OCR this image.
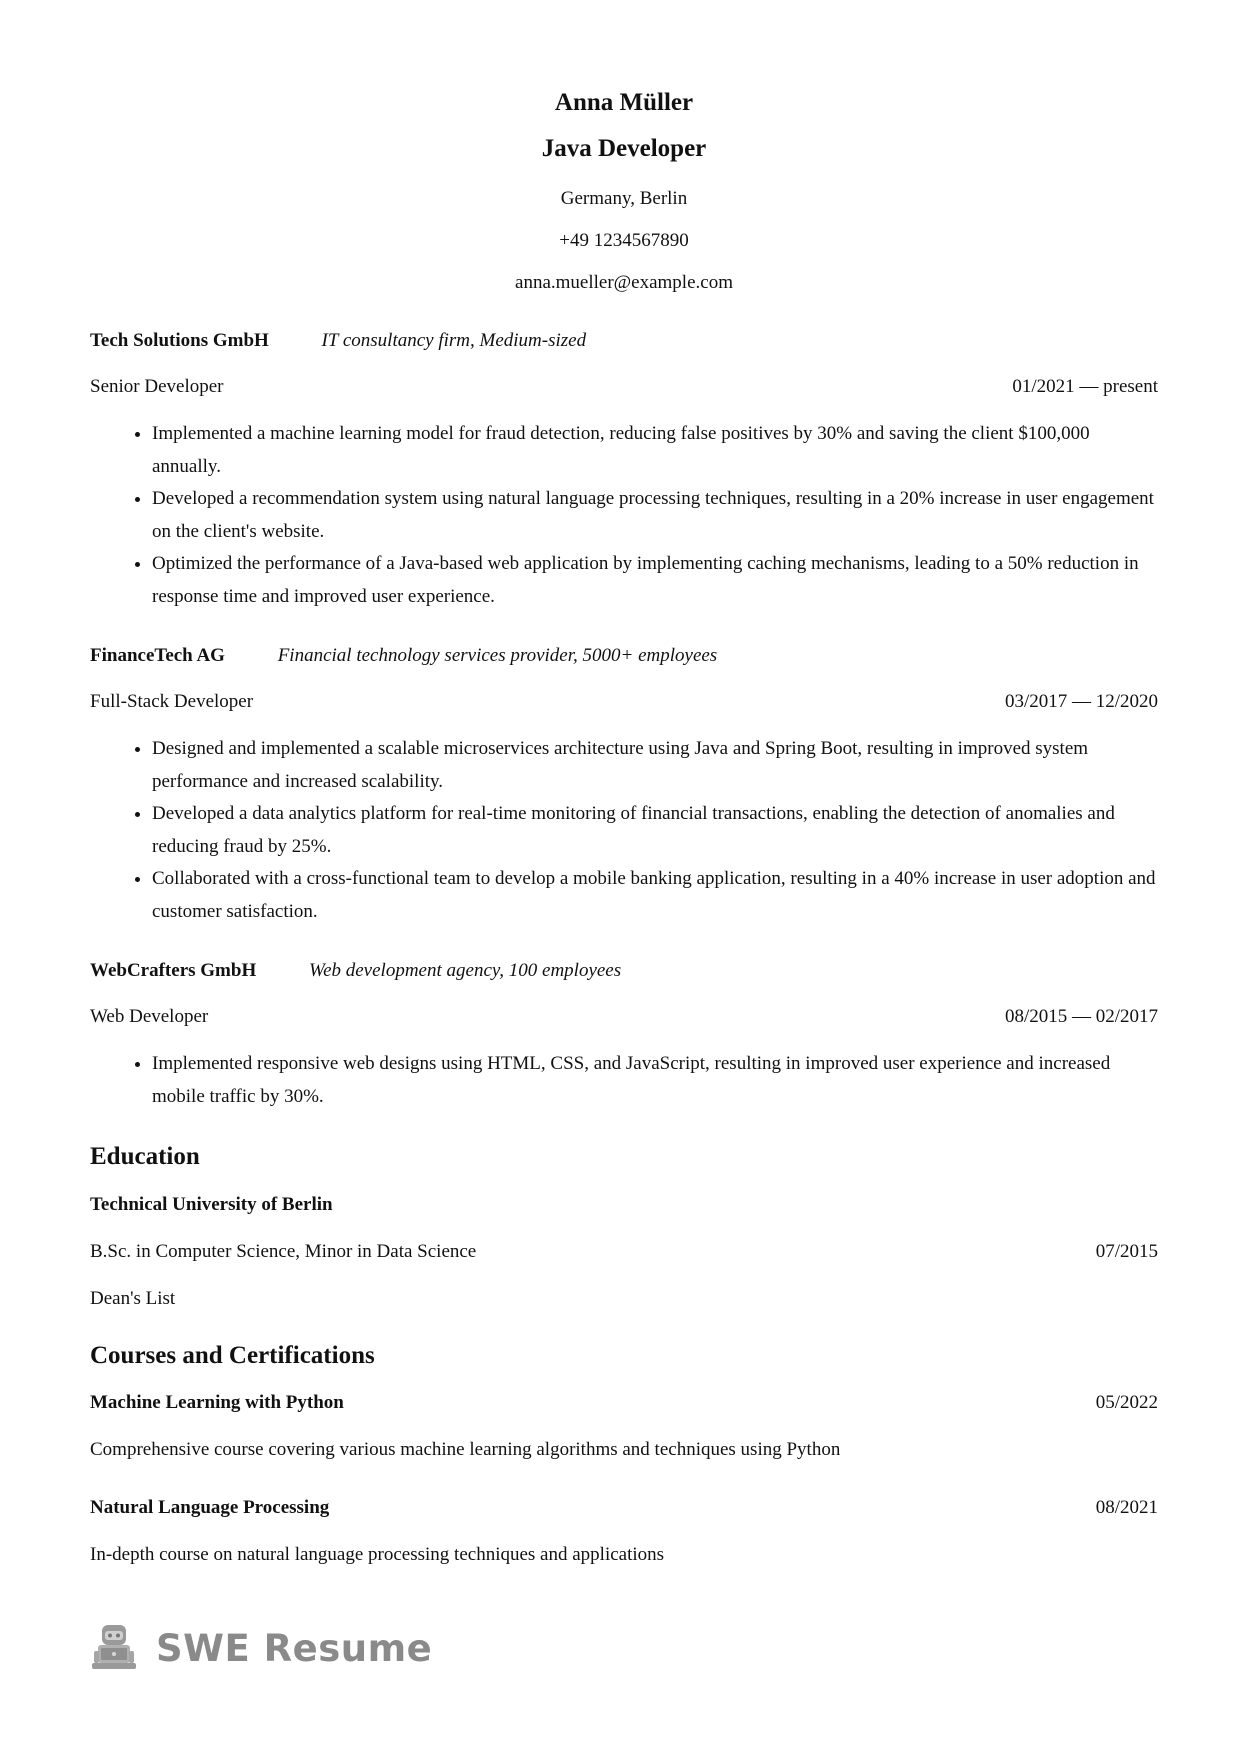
Anna Müller
Java Developer

Germany, Berlin

+49 1234567890

anna.mueller@example.com

Tech Solutions GmbH	IT consultancy firm, Medium-sized
Senior Developer	01/2021 — present
• Implemented a machine learning model for fraud detection, reducing false positives by 30% and saving the client $100,000 annually.
• Developed a recommendation system using natural language processing techniques, resulting in a 20% increase in user engagement on the client's website.
• Optimized the performance of a Java-based web application by implementing caching mechanisms, leading to a 50% reduction in response time and improved user experience.
FinanceTech AG	Financial technology services provider, 5000+ employees
Full-Stack Developer	03/2017 — 12/2020
• Designed and implemented a scalable microservices architecture using Java and Spring Boot, resulting in improved system performance and increased scalability.
• Developed a data analytics platform for real-time monitoring of financial transactions, enabling the detection of anomalies and reducing fraud by 25%.
• Collaborated with a cross-functional team to develop a mobile banking application, resulting in a 40% increase in user adoption and customer satisfaction.
WebCrafters GmbH	Web development agency, 100 employees
Web Developer	08/2015 — 02/2017
• Implemented responsive web designs using HTML, CSS, and JavaScript, resulting in improved user experience and increased mobile traffic by 30%.
Education
Technical University of Berlin
B.Sc. in Computer Science, Minor in Data Science	07/2015
Dean's List
Courses and Certifications
Machine Learning with Python	05/2022
Comprehensive course covering various machine learning algorithms and techniques using Python
Natural Language Processing	08/2021
In-depth course on natural language processing techniques and applications
SWE Resume
